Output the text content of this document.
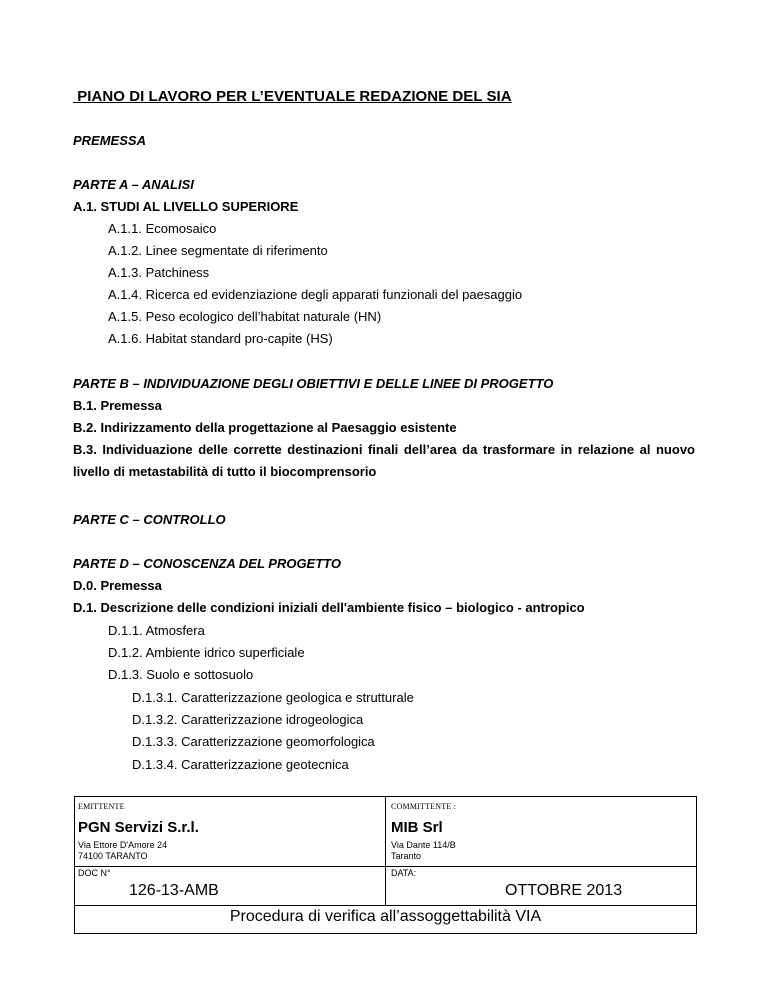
PIANO DI LAVORO PER L’EVENTUALE REDAZIONE DEL SIA
PREMESSA
PARTE A – ANALISI
A.1. STUDI AL LIVELLO SUPERIORE
A.1.1. Ecomosaico
A.1.2. Linee segmentate di riferimento
A.1.3. Patchiness
A.1.4. Ricerca ed evidenziazione degli apparati funzionali del paesaggio
A.1.5. Peso ecologico dell’habitat naturale (HN)
A.1.6. Habitat standard pro-capite (HS)
PARTE B – INDIVIDUAZIONE DEGLI OBIETTIVI E DELLE LINEE DI PROGETTO
B.1. Premessa
B.2. Indirizzamento della progettazione al Paesaggio esistente
B.3. Individuazione delle corrette destinazioni finali dell’area da trasformare in relazione al nuovo livello di metastabilità di tutto il biocomprensorio
PARTE C – CONTROLLO
PARTE D – CONOSCENZA DEL PROGETTO
D.0. Premessa
D.1. Descrizione delle condizioni iniziali dell'ambiente fisico – biologico - antropico
D.1.1. Atmosfera
D.1.2. Ambiente idrico superficiale
D.1.3. Suolo e sottosuolo
D.1.3.1. Caratterizzazione geologica e strutturale
D.1.3.2. Caratterizzazione idrogeologica
D.1.3.3. Caratterizzazione geomorfologica
D.1.3.4. Caratterizzazione geotecnica
EMITTENTE
PGN Servizi S.r.l.
Via Ettore D'Amore 24
74100 TARANTO
COMMITTENTE :
MIB Srl
Via Dante 114/B
Taranto
DOC N°
126-13-AMB
DATA:
OTTOBRE 2013
Procedura di verifica all’assoggettabilità VIA
